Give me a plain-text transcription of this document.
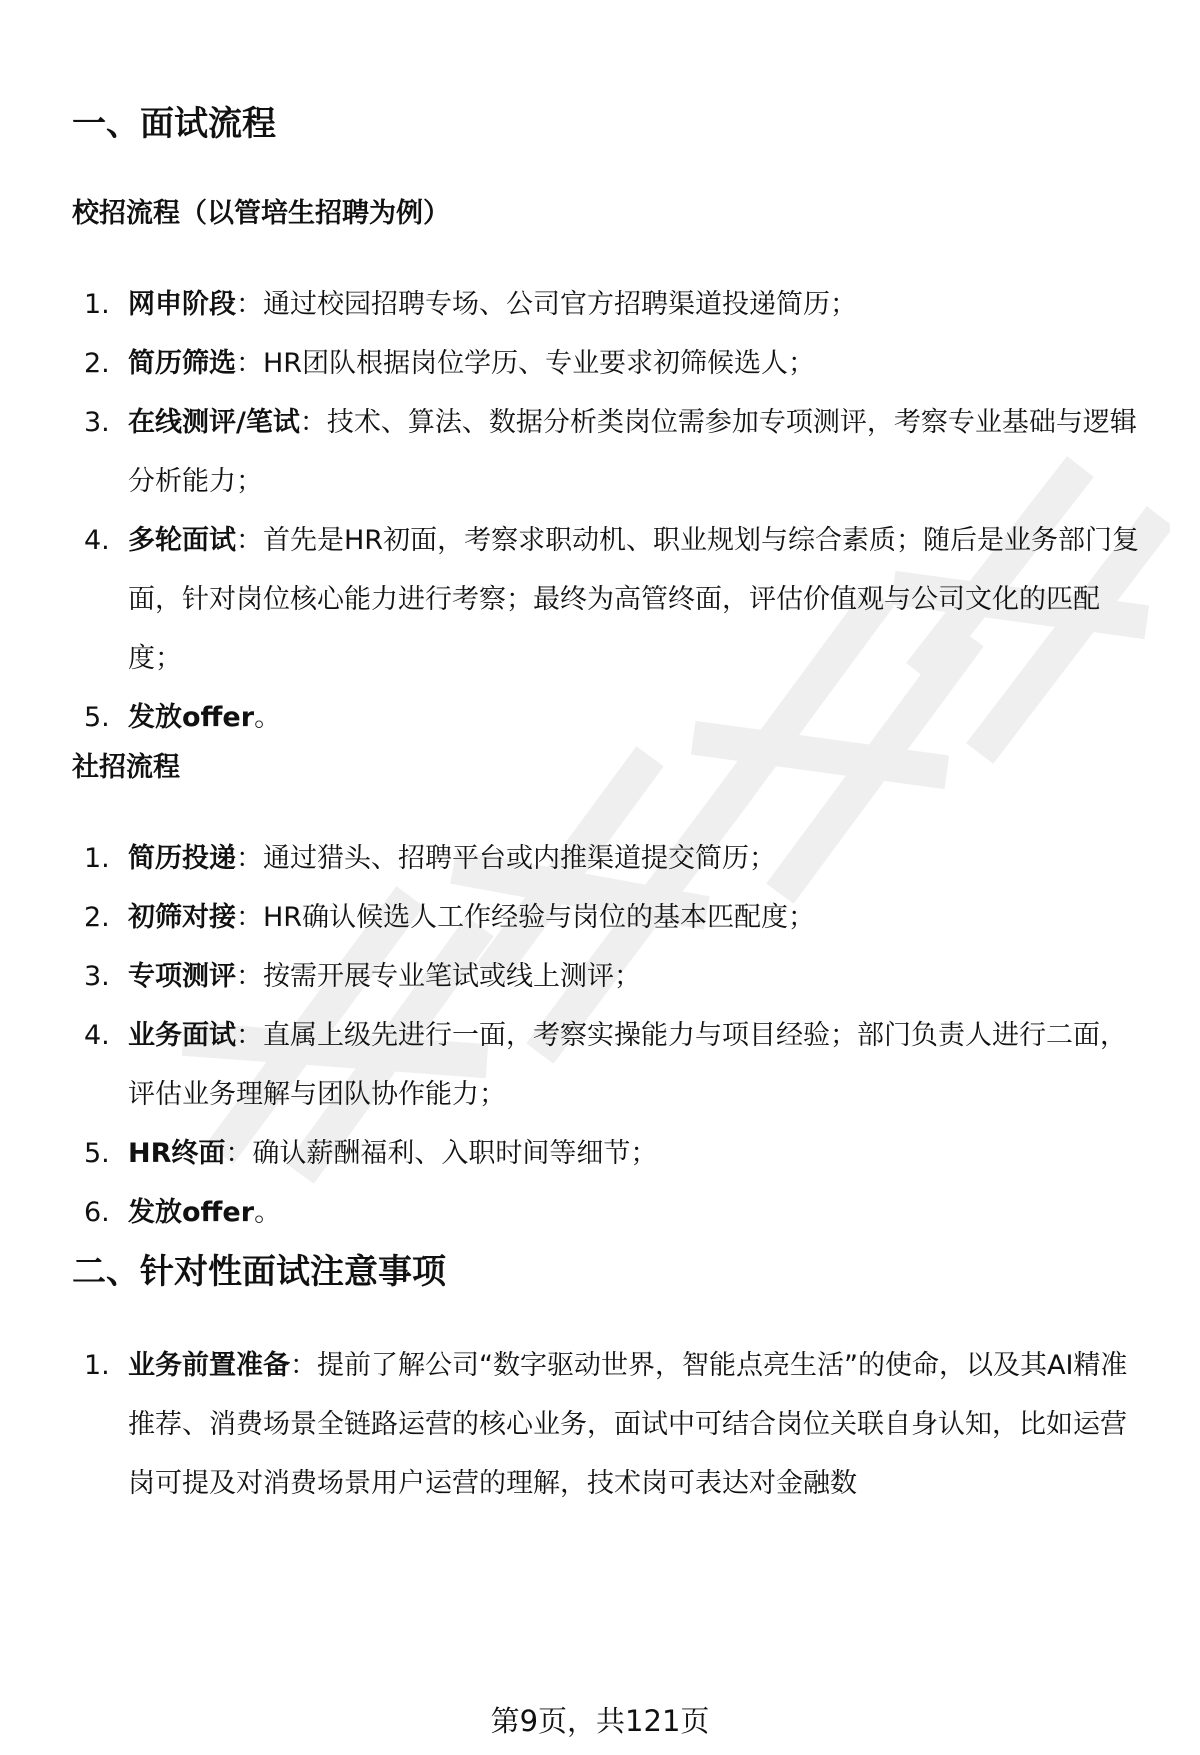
一、面试流程
校招流程（以管培生招聘为例）
1. 网申阶段：通过校园招聘专场、公司官方招聘渠道投递简历；
2. 简历筛选：HR团队根据岗位学历、专业要求初筛候选人；
3. 在线测评/笔试：技术、算法、数据分析类岗位需参加专项测评，考察专业基础与逻辑分析能力；
4. 多轮面试：首先是HR初面，考察求职动机、职业规划与综合素质；随后是业务部门复面，针对岗位核心能力进行考察；最终为高管终面，评估价值观与公司文化的匹配度；
5. 发放offer。
社招流程
1. 简历投递：通过猎头、招聘平台或内推渠道提交简历；
2. 初筛对接：HR确认候选人工作经验与岗位的基本匹配度；
3. 专项测评：按需开展专业笔试或线上测评；
4. 业务面试：直属上级先进行一面，考察实操能力与项目经验；部门负责人进行二面，评估业务理解与团队协作能力；
5. HR终面：确认薪酬福利、入职时间等细节；
6. 发放offer。
二、针对性面试注意事项
1. 业务前置准备：提前了解公司“数字驱动世界，智能点亮生活”的使命，以及其AI精准推荐、消费场景全链路运营的核心业务，面试中可结合岗位关联自身认知，比如运营岗可提及对消费场景用户运营的理解，技术岗可表达对金融数
第9页，共121页
